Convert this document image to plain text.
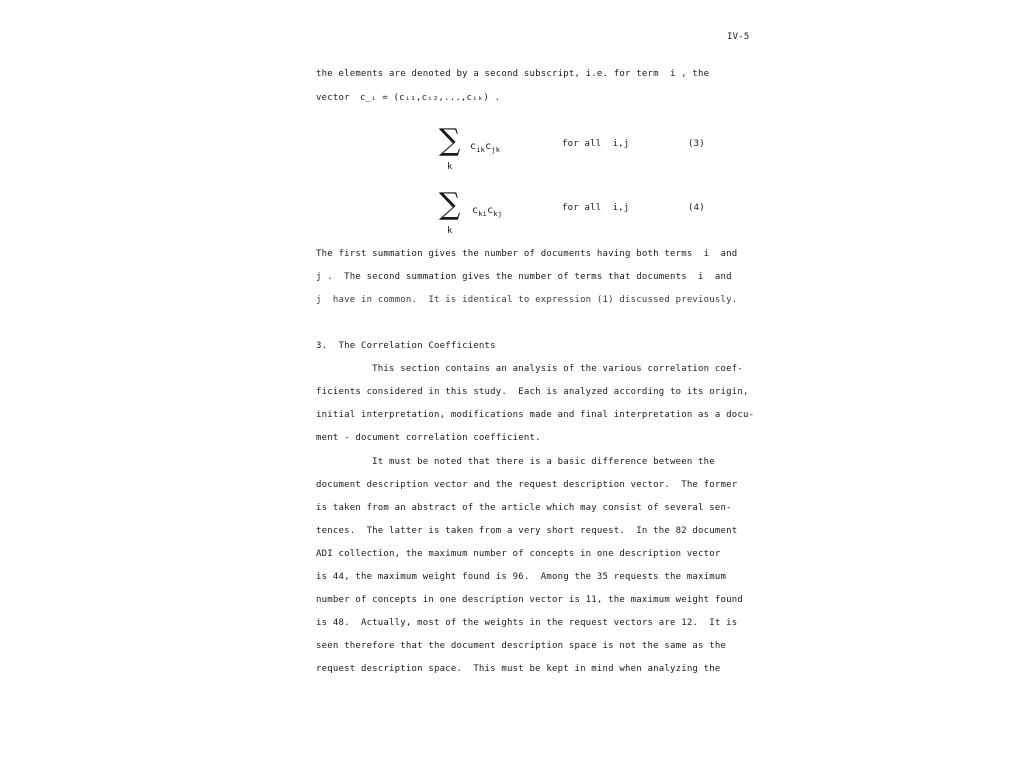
IV-5
the elements are denoted by a second subscript, i.e. for term  i , the
vector c̲ᵢ = (cᵢ₁,cᵢ₂,...,cᵢₖ) .
∑
k
$c_{ik}c_{jk}$
for all  i,j	(3)
∑
k
$c_{ki}c_{kj}$
for all  i,j	(4)
The first summation gives the number of documents having both terms  i  and
j .  The second summation gives the number of terms that documents  i  and
j  have in common.  It is identical to expression (1) discussed previously.
3.  The Correlation Coefficients
This section contains an analysis of the various correlation coef-
ficients considered in this study.  Each is analyzed according to its origin,
initial interpretation, modifications made and final interpretation as a docu-
ment - document correlation coefficient.
It must be noted that there is a basic difference between the
document description vector and the request description vector.  The former
is taken from an abstract of the article which may consist of several sen-
tences.  The latter is taken from a very short request.  In the 82 document
ADI collection, the maximum number of concepts in one description vector
is 44, the maximum weight found is 96.  Among the 35 requests the maximum
number of concepts in one description vector is 11, the maximum weight found
is 48.  Actually, most of the weights in the request vectors are 12.  It is
seen therefore that the document description space is not the same as the
request description space.  This must be kept in mind when analyzing the
